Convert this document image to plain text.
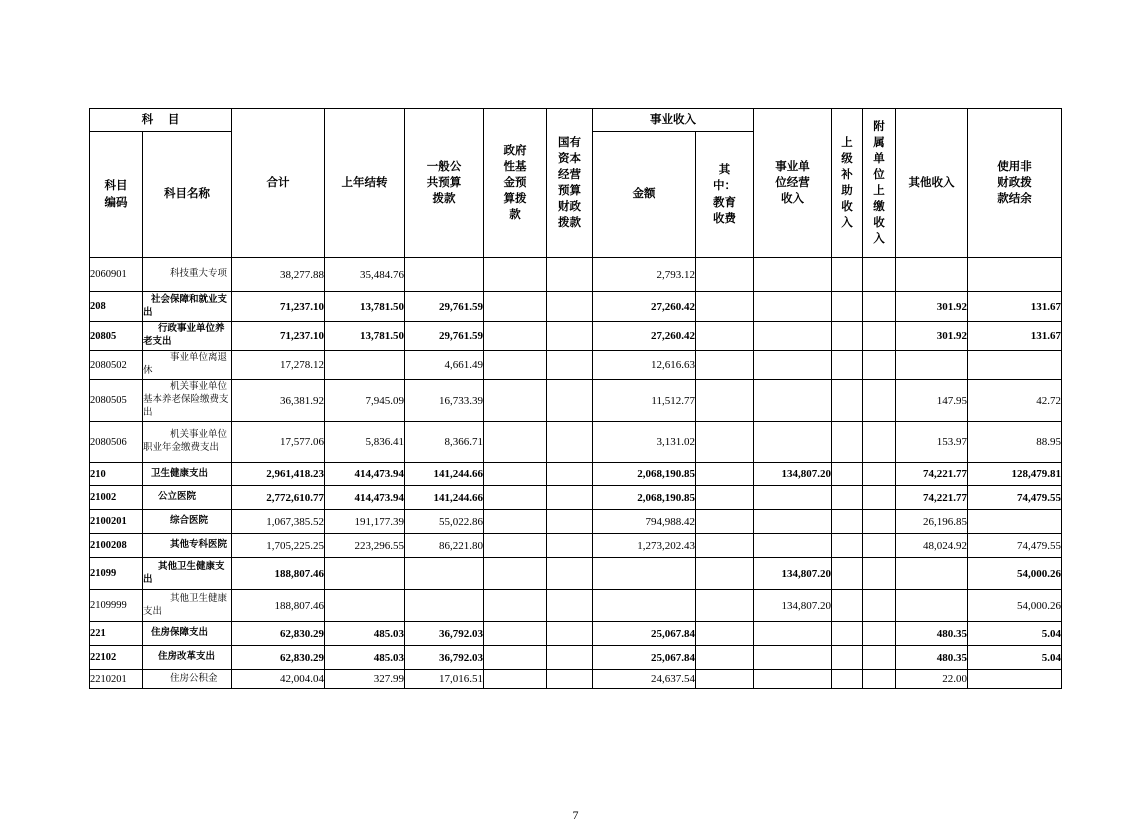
科 目		合计	上年结转	一般公共预算拨款	政府性基金预算拨款	国有资本经营预算财政拨款	事业收入		事业单位经营收入	上级补助收入	附属单位上缴收入	其他收入	使用非财政拨款结余
科目编码	科目名称						金额	其中：教育收费					
2060901	科技重大专项	38,277.88	35,484.76				2,793.12						
208	社会保障和就业支出	71,237.10	13,781.50	29,761.59			27,260.42					301.92	131.67
20805	行政事业单位养老支出	71,237.10	13,781.50	29,761.59			27,260.42					301.92	131.67
2080502	事业单位离退休	17,278.12		4,661.49			12,616.63						
2080505	机关事业单位基本养老保险缴费支出	36,381.92	7,945.09	16,733.39			11,512.77					147.95	42.72
2080506	机关事业单位职业年金缴费支出	17,577.06	5,836.41	8,366.71			3,131.02					153.97	88.95
210	卫生健康支出	2,961,418.23	414,473.94	141,244.66			2,068,190.85		134,807.20			74,221.77	128,479.81
21002	公立医院	2,772,610.77	414,473.94	141,244.66			2,068,190.85					74,221.77	74,479.55
2100201	综合医院	1,067,385.52	191,177.39	55,022.86			794,988.42					26,196.85	
2100208	其他专科医院	1,705,225.25	223,296.55	86,221.80			1,273,202.43					48,024.92	74,479.55
21099	其他卫生健康支出	188,807.46							134,807.20				54,000.26
2109999	其他卫生健康支出	188,807.46							134,807.20				54,000.26
221	住房保障支出	62,830.29	485.03	36,792.03			25,067.84					480.35	5.04
22102	住房改革支出	62,830.29	485.03	36,792.03			25,067.84					480.35	5.04
2210201	住房公积金	42,004.04	327.99	17,016.51			24,637.54					22.00	
7
